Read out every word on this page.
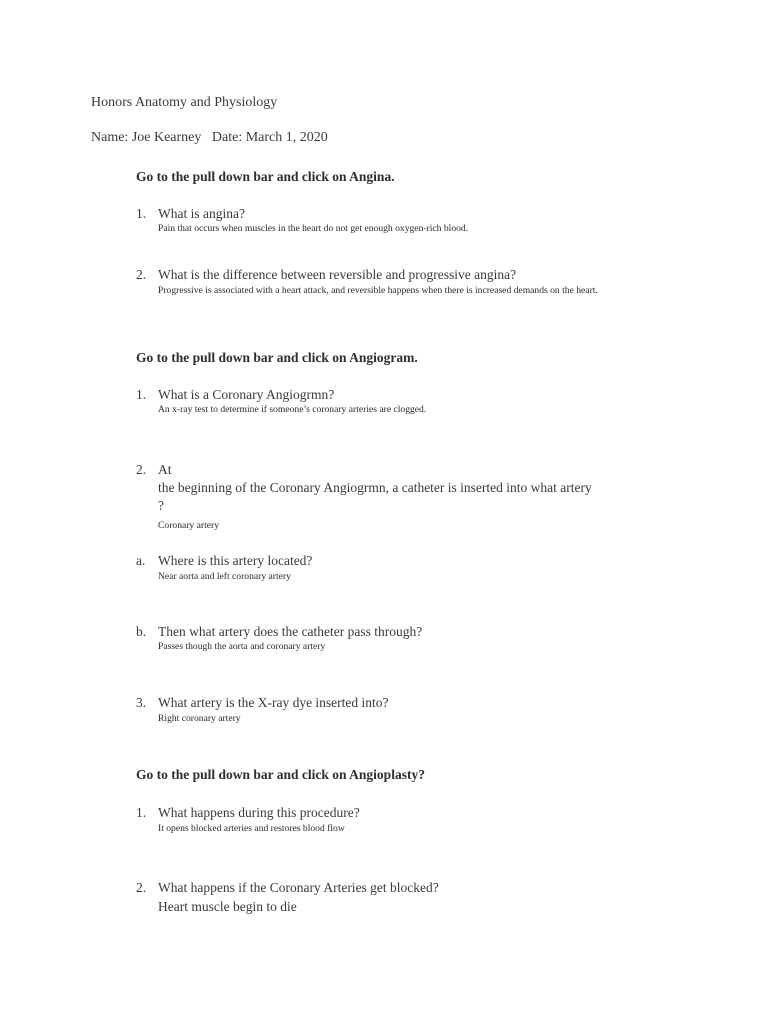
Honors Anatomy and Physiology
Name: Joe Kearney   Date: March 1, 2020
Go to the pull down bar and click on Angina.
1. What is angina?
Pain that occurs when muscles in the heart do not get enough oxygen-rich blood.
2. What is the difference between reversible and progressive angina?
Progressive is associated with a heart attack, and reversible happens when there is increased demands on the heart.
Go to the pull down bar and click on Angiogram.
1. What is a Coronary Angiogrmn?
An x-ray test to determine if someone’s coronary arteries are clogged.
2. At
the beginning of the Coronary Angiogrmn, a catheter is inserted into what artery
?
Coronary artery
a. Where is this artery located?
Near aorta and left coronary artery
b. Then what artery does the catheter pass through?
Passes though the aorta and coronary artery
3. What artery is the X-ray dye inserted into?
Right coronary artery
Go to the pull down bar and click on Angioplasty?
1. What happens during this procedure?
It opens blocked arteries and restores blood flow
2. What happens if the Coronary Arteries get blocked?
Heart muscle begin to die
